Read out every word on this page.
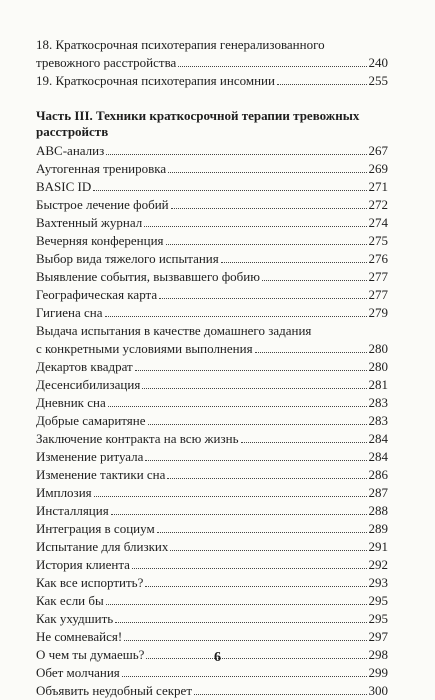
18. Краткосрочная психотерапия генерализованного
тревожного расстройства	240
19. Краткосрочная психотерапия инсомнии	255
Часть III. Техники краткосрочной терапии тревожных расстройств
ABC-анализ	267
Аутогенная тренировка	269
BASIC ID	271
Быстрое лечение фобий	272
Вахтенный журнал	274
Вечерняя конференция	275
Выбор вида тяжелого испытания	276
Выявление события, вызвавшего фобию	277
Географическая карта	277
Гигиена сна	279
Выдача испытания в качестве домашнего задания
с конкретными условиями выполнения	280
Декартов квадрат	280
Десенсибилизация	281
Дневник сна	283
Добрые самаритяне	283
Заключение контракта на всю жизнь	284
Изменение ритуала	284
Изменение тактики сна	286
Имплозия	287
Инсталляция	288
Интеграция в социум	289
Испытание для близких	291
История клиента	292
Как все испортить?	293
Как если бы	295
Как ухудшить	295
Не сомневайся!	297
О чем ты думаешь?	298
Обет молчания	299
Объявить неудобный секрет	300
6
